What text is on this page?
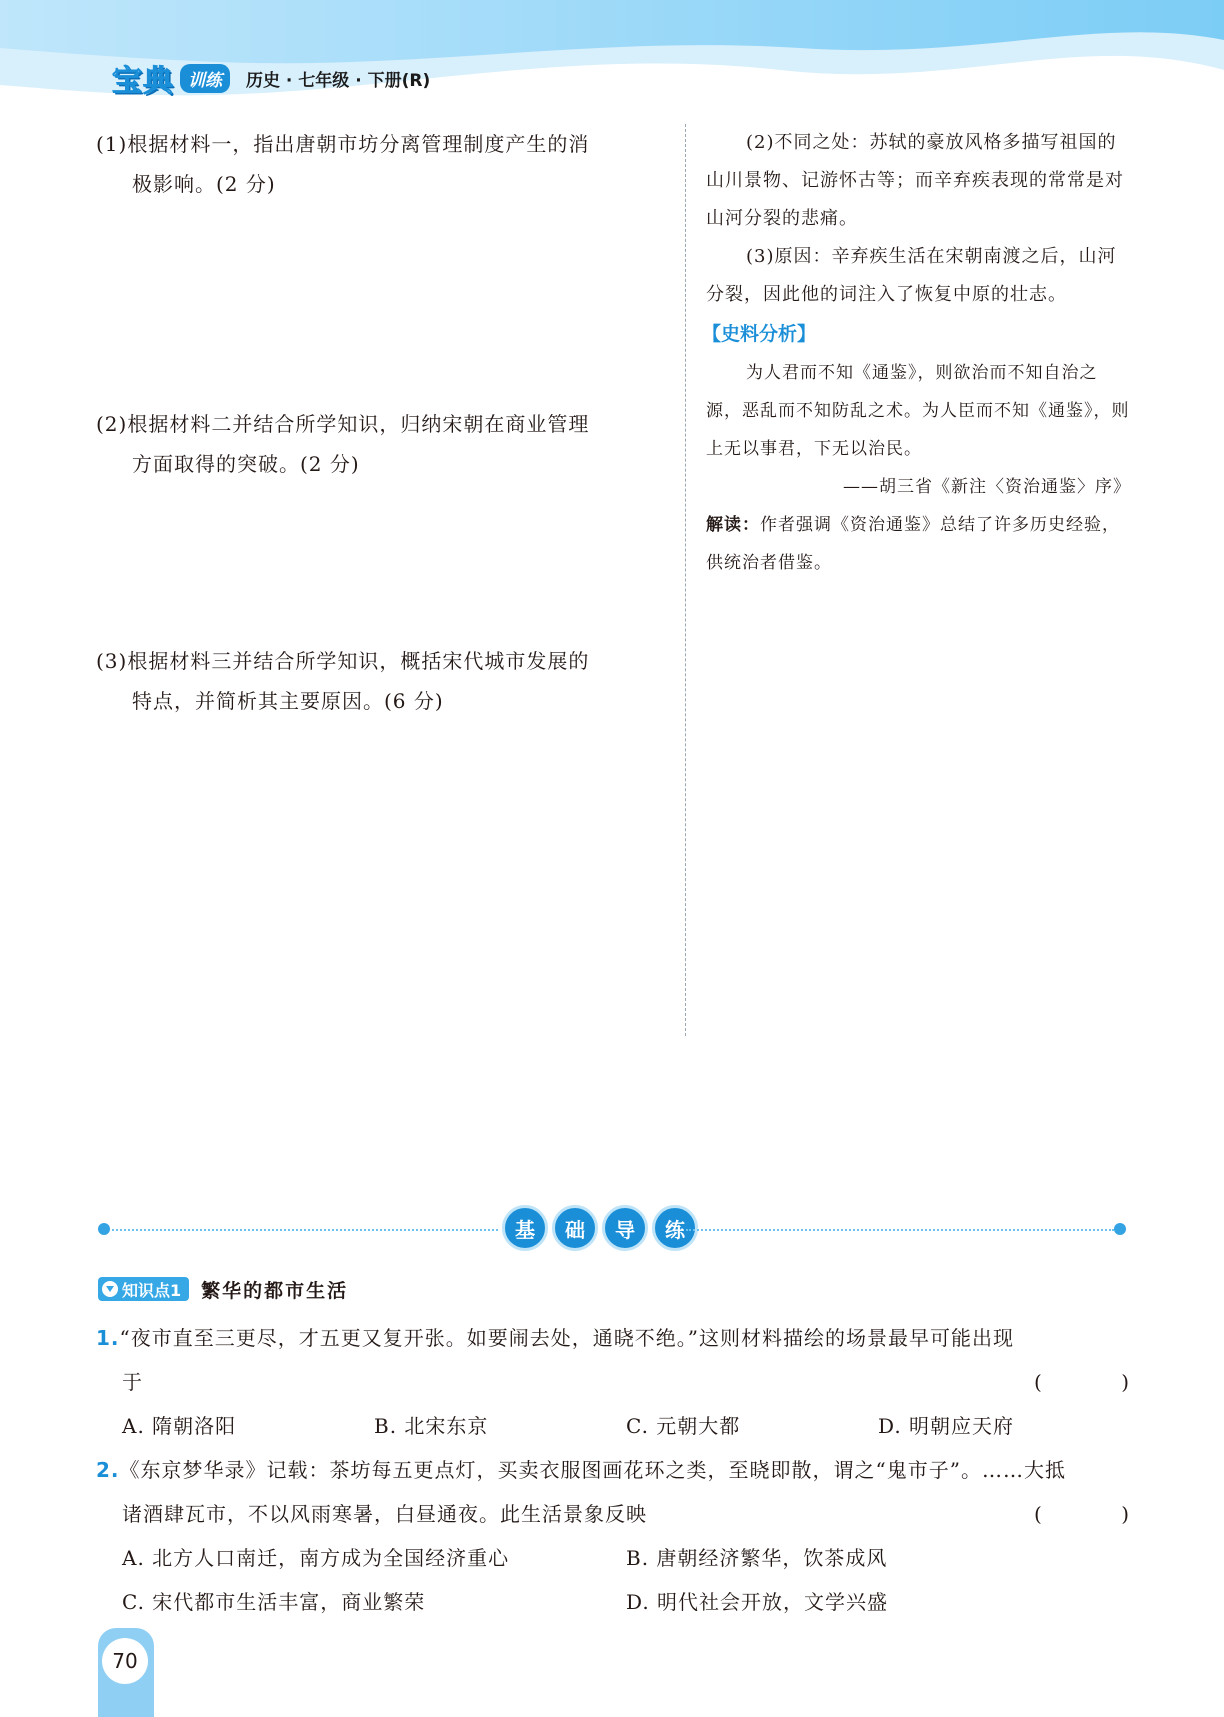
宝典 训练	历史 · 七年级 · 下册(R)
(1)根据材料一，指出唐朝市坊分离管理制度产生的消
极影响。(2 分)
(2)根据材料二并结合所学知识，归纳宋朝在商业管理
方面取得的突破。(2 分)
(3)根据材料三并结合所学知识，概括宋代城市发展的
特点，并简析其主要原因。(6 分)

(2)不同之处：苏轼的豪放风格多描写祖国的山川景物、记游怀古等；而辛弃疾表现的常常是对山河分裂的悲痛。

(3)原因：辛弃疾生活在宋朝南渡之后，山河分裂，因此他的词注入了恢复中原的壮志。

【史料分析】

为人君而不知《通鉴》，则欲治而不知自治之源，恶乱而不知防乱之术。为人臣而不知《通鉴》，则上无以事君，下无以治民。

——胡三省《新注〈资治通鉴〉序》

解读：作者强调《资治通鉴》总结了许多历史经验，供统治者借鉴。

基	础	导	练
知识点1 繁华的都市生活
1.“夜市直至三更尽，才五更又复开张。如要闹去处，通晓不绝。”这则材料描绘的场景最早可能出现
于	(	)
A. 隋朝洛阳	B. 北宋东京	C. 元朝大都	D. 明朝应天府
2.《东京梦华录》记载：茶坊每五更点灯，买卖衣服图画花环之类，至晓即散，谓之“鬼市子”。……大抵
诸酒肆瓦市，不以风雨寒暑，白昼通夜。此生活景象反映	(	)
A. 北方人口南迁，南方成为全国经济重心	B. 唐朝经济繁华，饮茶成风
C. 宋代都市生活丰富，商业繁荣	D. 明代社会开放，文学兴盛
70
